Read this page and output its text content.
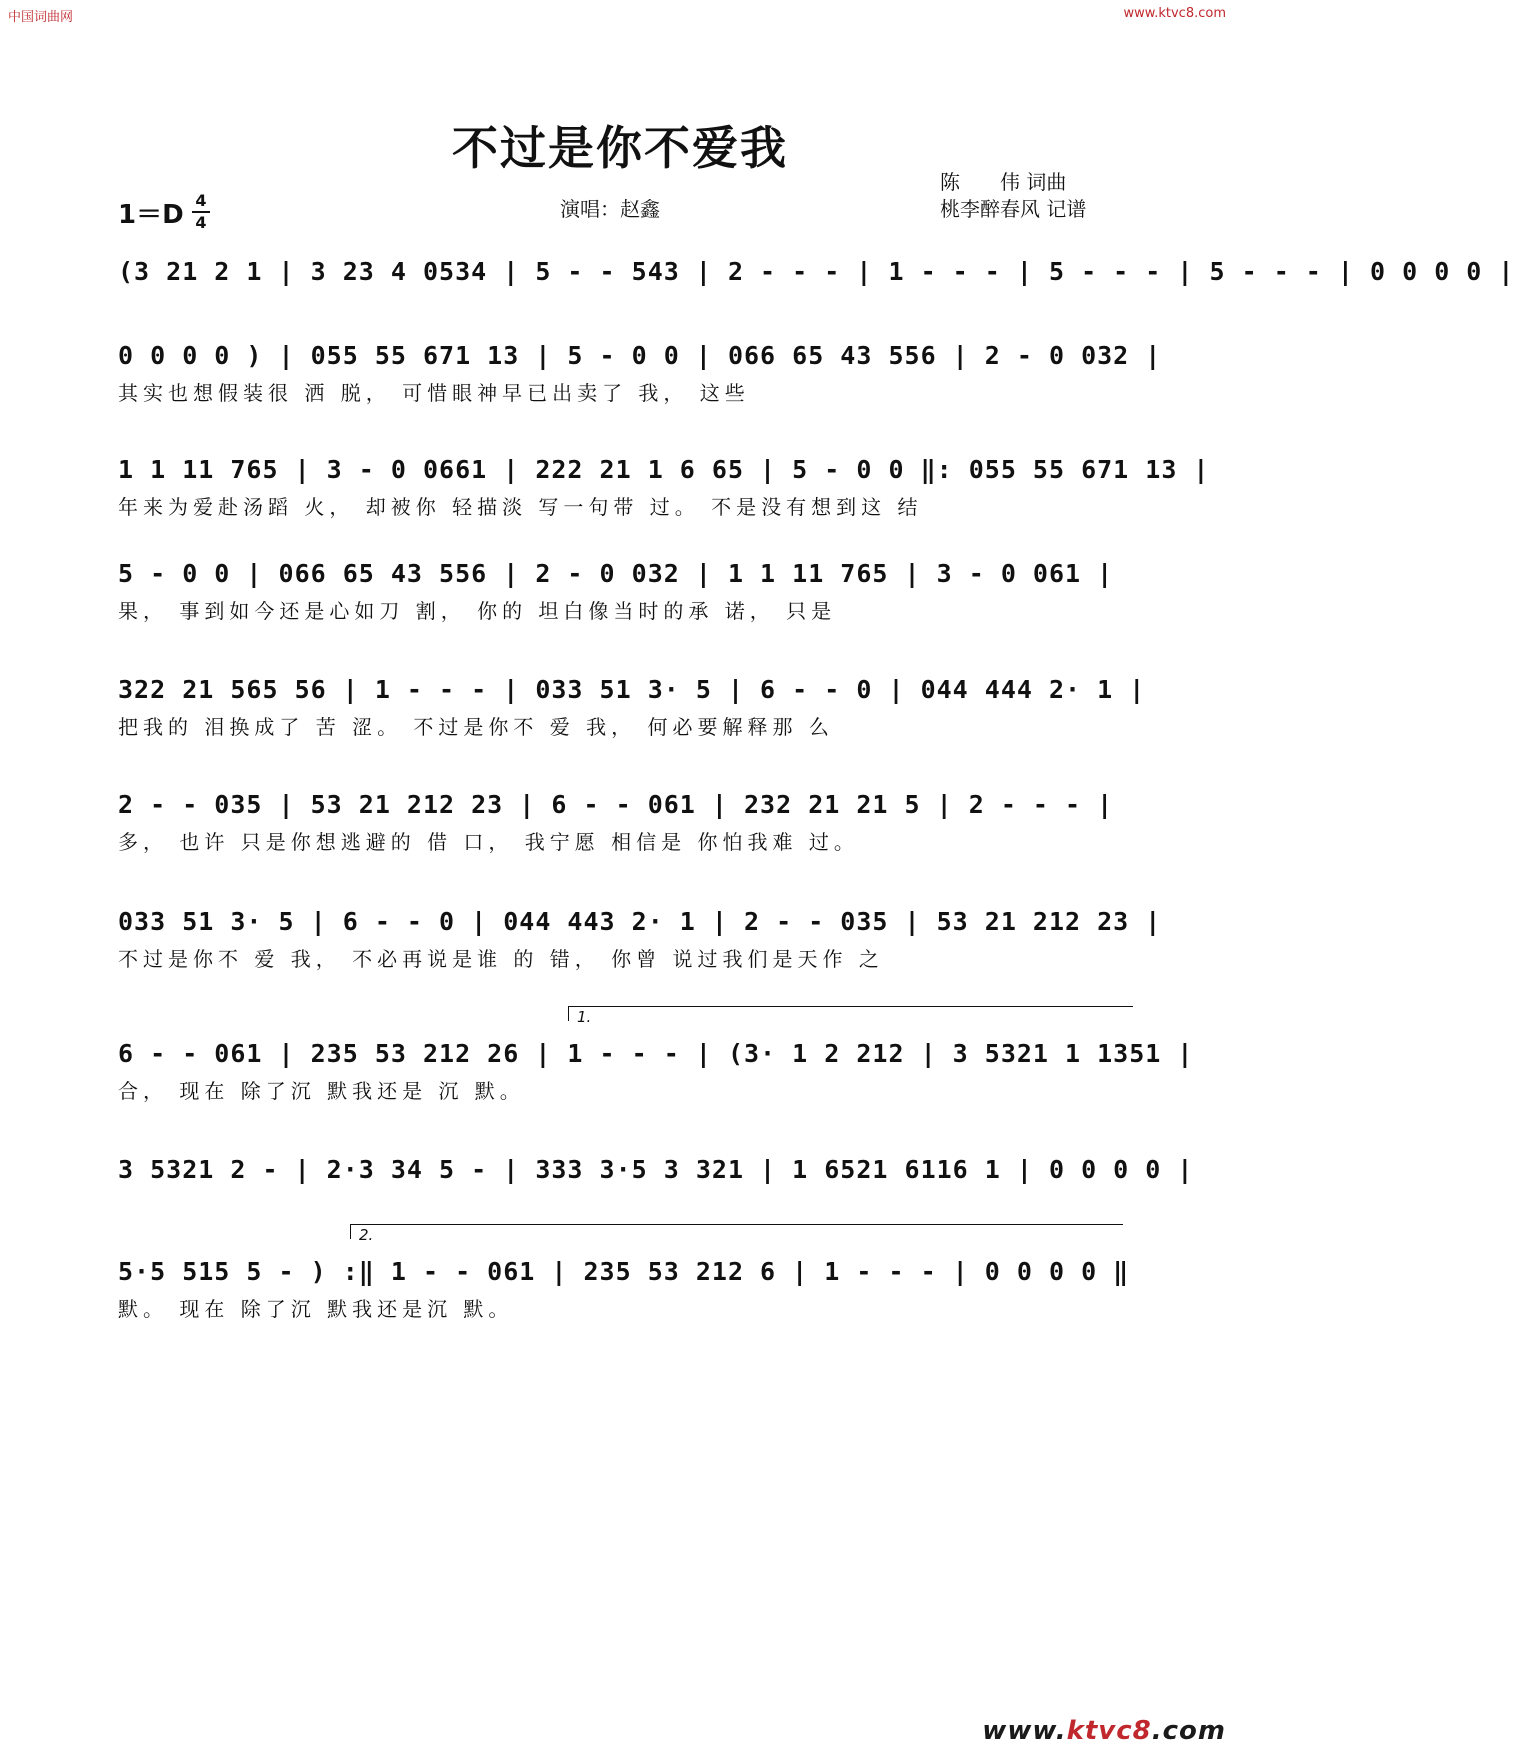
中国词曲网	www.ktvc8.com
不过是你不爱我
陈　　伟 词曲
桃李醉春风 记谱
演唱：赵鑫
1＝D 4
4
(3 21 2 1 | 3 23 4 0534 | 5 - - 543 | 2 - - - | 1 - - - | 5 - - - | 5 - - - | 0 0 0 0 |
0 0 0 0 ) | 055 55 671 13 | 5 - 0 0 | 066 65 43 556 | 2 - 0 032 |
其实也想假装很 洒 脱， 可惜眼神早已出卖了 我， 这些
1 1 11 765 | 3 - 0 0661 | 222 21 1 6 65 | 5 - 0 0 ‖: 055 55 671 13 |
年来为爱赴汤蹈 火， 却被你 轻描淡 写一句带 过。 不是没有想到这 结
5 - 0 0 | 066 65 43 556 | 2 - 0 032 | 1 1 11 765 | 3 - 0 061 |
果， 事到如今还是心如刀 割， 你的 坦白像当时的承 诺， 只是
322 21 565 56 | 1 - - - | 033 51 3· 5 | 6 - - 0 | 044 444 2· 1 |
把我的 泪换成了 苦 涩。 不过是你不 爱 我， 何必要解释那 么
2 - - 035 | 53 21 212 23 | 6 - - 061 | 232 21 21 5 | 2 - - - |
多， 也许 只是你想逃避的 借 口， 我宁愿 相信是 你怕我难 过。
033 51 3· 5 | 6 - - 0 | 044 443 2· 1 | 2 - - 035 | 53 21 212 23 |
不过是你不 爱 我， 不必再说是谁 的 错， 你曾 说过我们是天作 之
1.
6 - - 061 | 235 53 212 26 | 1 - - - | (3· 1 2 212 | 3 5321 1 1351 |
合， 现在 除了沉 默我还是 沉 默。
3 5321 2 - | 2·3 34 5 - | 333 3·5 3 321 | 1 6521 6116 1 | 0 0 0 0 |
2.
5·5 515 5 - ) :‖ 1 - - 061 | 235 53 212 6 | 1 - - - | 0 0 0 0 ‖
默。 现在 除了沉 默我还是沉 默。
www.ktvc8.com
